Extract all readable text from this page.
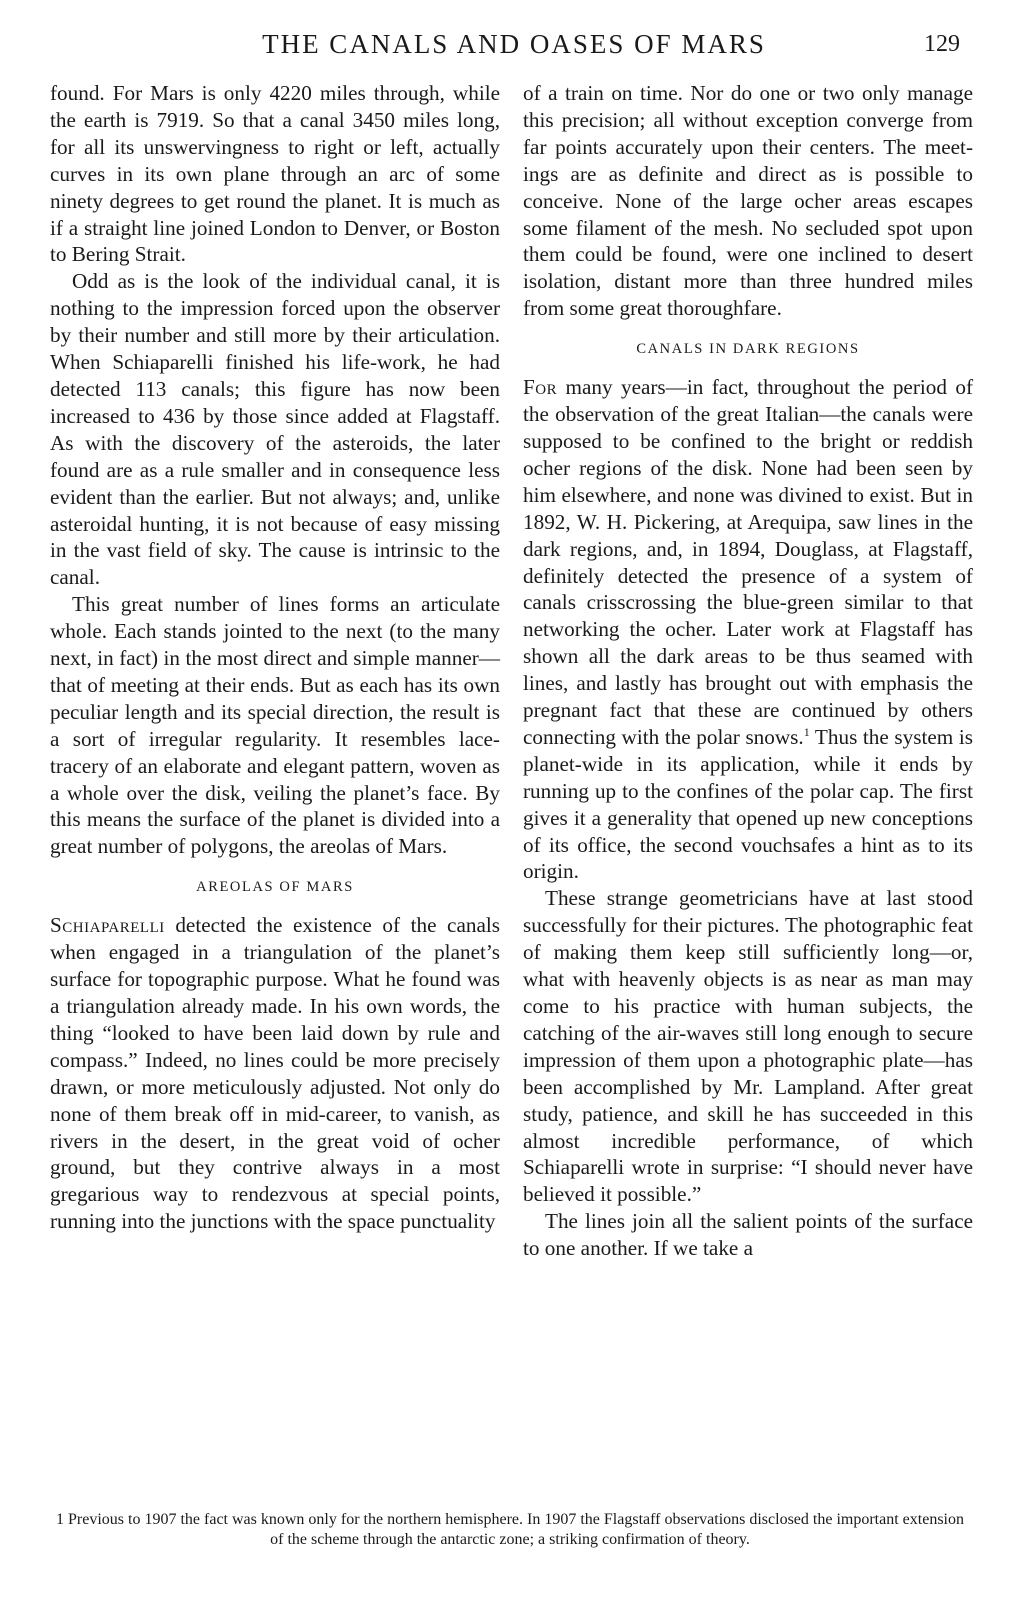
THE CANALS AND OASES OF MARS	129

found. For Mars is only 4220 miles through, while the earth is 7919. So that a canal 3450 miles long, for all its unswervingness to right or left, actually curves in its own plane through an arc of some ninety degrees to get round the planet. It is much as if a straight line joined London to Denver, or Boston to Bering Strait.

Odd as is the look of the individual canal, it is nothing to the impression forced upon the observer by their number and still more by their articulation. When Schiaparelli finished his life-work, he had detected 113 canals; this figure has now been increased to 436 by those since added at Flagstaff. As with the discovery of the asteroids, the later found are as a rule smaller and in consequence less evident than the earlier. But not always; and, unlike asteroidal hunting, it is not because of easy missing in the vast field of sky. The cause is intrinsic to the canal.

This great number of lines forms an articulate whole. Each stands jointed to the next (to the many next, in fact) in the most direct and simple manner—that of meeting at their ends. But as each has its own peculiar length and its special direction, the result is a sort of irregular regularity. It resembles lace-tracery of an elaborate and elegant pattern, woven as a whole over the disk, veiling the planet’s face. By this means the surface of the planet is divided into a great number of polygons, the areolas of Mars.

AREOLAS OF MARS

Schiaparelli detected the existence of the canals when engaged in a triangulation of the planet’s surface for topographic purpose. What he found was a triangulation already made. In his own words, the thing “looked to have been laid down by rule and compass.” Indeed, no lines could be more precisely drawn, or more meticulously adjusted. Not only do none of them break off in mid-career, to vanish, as rivers in the desert, in the great void of ocher ground, but they contrive always in a most gregarious way to rendezvous at special points, running into the junctions with the space punctuality

of a train on time. Nor do one or two only manage this precision; all without exception converge from far points accurately upon their centers. The meetings are as definite and direct as is possible to conceive. None of the large ocher areas escapes some filament of the mesh. No secluded spot upon them could be found, were one inclined to desert isolation, distant more than three hundred miles from some great thoroughfare.

CANALS IN DARK REGIONS

For many years—in fact, throughout the period of the observation of the great Italian—the canals were supposed to be confined to the bright or reddish ocher regions of the disk. None had been seen by him elsewhere, and none was divined to exist. But in 1892, W. H. Pickering, at Arequipa, saw lines in the dark regions, and, in 1894, Douglass, at Flagstaff, definitely detected the presence of a system of canals crisscrossing the blue-green similar to that networking the ocher. Later work at Flagstaff has shown all the dark areas to be thus seamed with lines, and lastly has brought out with emphasis the pregnant fact that these are continued by others connecting with the polar snows.$^1$ Thus the system is planet-wide in its application, while it ends by running up to the confines of the polar cap. The first gives it a generality that opened up new conceptions of its office, the second vouchsafes a hint as to its origin.

These strange geometricians have at last stood successfully for their pictures. The photographic feat of making them keep still sufficiently long—or, what with heavenly objects is as near as man may come to his practice with human subjects, the catching of the air-waves still long enough to secure impression of them upon a photographic plate—has been accomplished by Mr. Lampland. After great study, patience, and skill he has succeeded in this almost incredible performance, of which Schiaparelli wrote in surprise: “I should never have believed it possible.”

The lines join all the salient points of the surface to one another. If we take a

1 Previous to 1907 the fact was known only for the northern hemisphere. In 1907 the Flagstaff observations disclosed the important extension of the scheme through the antarctic zone; a striking confirmation of theory.
